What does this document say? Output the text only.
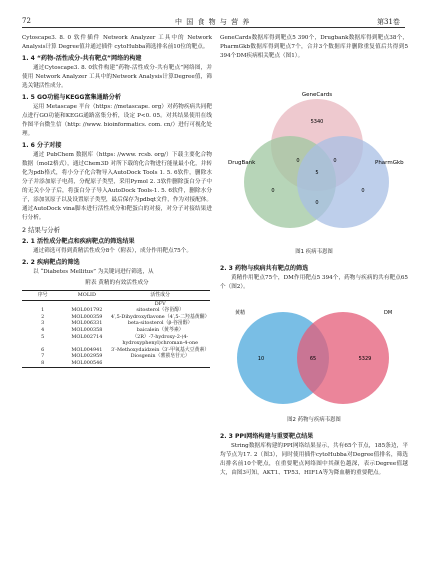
72	中 国 食 物 与 营 养	第31卷

Cytoscape3. 8. 0 软件插件 Network Analyzer 工具中的 Network Analysis计算 Degree值并通过插件 cytoHubba筛选排名前10位的靶点。

1. 4 “药物-活性成分-共有靶点”网络的构建

通过Cytoscape3. 8. 0软件构建“药物-活性成分-共有靶点”网络图，并使用 Network Analyzer 工具中的Network Analysis计算Degree值，筛选关键活性成分。

1. 5 GO功能与KEGG富集通路分析

运用 Metascape 平台（https: //metascape. org）对药物疾病共同靶点进行GO功能和KEGG通路富集分析，设定 P<0. 05。对其结果使用在线作图平台微生信（http: //www. bioinformatics. com. cn/）进行可视化处理。

1. 6 分子对接

通过 PubChem 数据库（https: //www. rcsb. org/）下载主要化合物数据（mol2格式），通过Chem3D 对所下载的化合物进行能量最小化，并转化为pdb格式，将小分子化合物导入AutoDock Tools 1. 5. 6软件，删除水分子并添加原子电荷，分配原子类型，采用Pymol 2. 3软件删除蛋白分子中的无关小分子后，将蛋白分子导入AutoDock Tools-1. 5. 6软件，删除水分子，添加氢原子以及设置原子类型，最后保存为pdbqt文件，作为对接配体。通过AutoDock vina脚本进行活性成分和靶蛋白的对接，对分子对接结果进行分析。

2 结果与分析

2. 1 活性成分靶点和疾病靶点的筛选结果

通过筛选可得到黄精活性成分8个（附表），成分作用靶点75个。

2. 2 疾病靶点的筛选

以 “Diabetes Mellitus” 为关键词进行筛选，从

附表 黄精的有效活性成分
序号	MOLID	活性成分
		DFV
1	MOL001792	sitosterol（谷甾醇）
2	MOL000359	4′,5-Dihydroxyflavone（4′,5-二羟基黄酮）
3	MOL006331	beta-sitosterol（β-谷甾醇）
4	MOL000358	baicalein（黄芩素）
5	MOL002714	（2R）-7-hydroxy-2-(4-hydroxyphenyl)chroman-4-one
6	MOL004941	3′-Methoxydaidzein（3′-甲氧基大豆黄素）
7	MOL002959	Diosgenin（薯蓣皂苷元）
8	MOL000546	

GeneCards数据库得到靶点5 390个，Drugbank数据库得到靶点38个，PharmGkb数据库得到靶点7个，合并3个数据库并删除重复值后共得到5 394个DM疾病相关靶点（图1）。

GeneCards
DrugBank	PharmGkb
5340
0	0
5
0
0
0
图1 疾病韦恩图

2. 3 药物与疾病共有靶点的筛选

黄精作用靶点75个，DM作用靶点5 394个，药物与疾病的共有靶点65个（图2）。

黄精	DM
10	65	5329
图2 药物与疾病韦恩图

2. 3 PPI网络构建与重要靶点结果

String数据库构建的PPI网络结果显示，共有65个节点，185条边，平均节点为17. 2（图3），同时使用插件cytoHubba对Degree值排名，筛选出排名前10个靶点，在重要靶点网络图中其颜色越深，表示Degree值越大，由图3可知，AKT1、TP53、HIF1A等为降血糖的重要靶点。
